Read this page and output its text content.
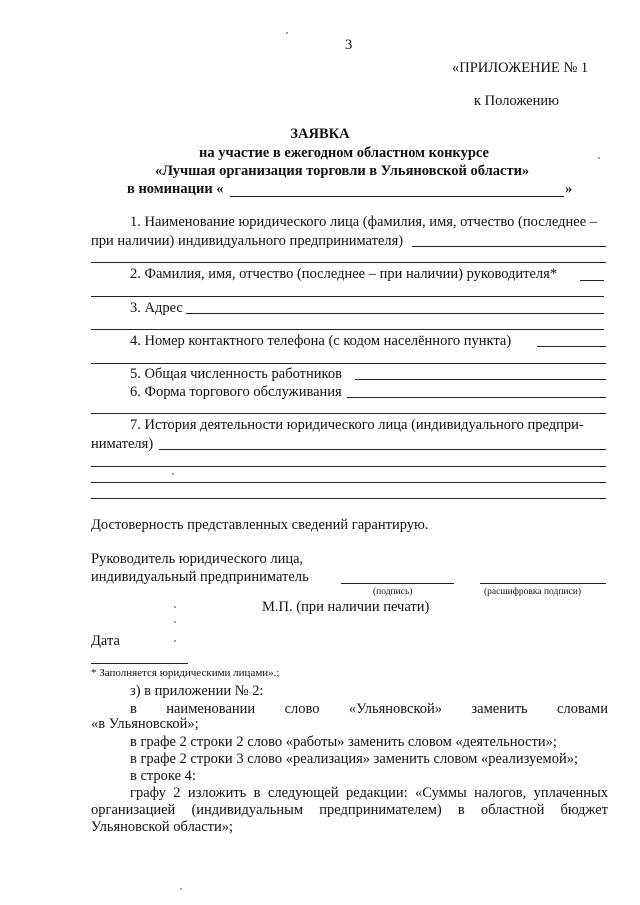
3
«ПРИЛОЖЕНИЕ № 1
к Положению
ЗАЯВКА
на участие в ежегодном областном конкурсе
«Лучшая организация торговли в Ульяновской области»
в номинации «	»
1. Наименование юридического лица (фамилия, имя, отчество (последнее –
при наличии) индивидуального предпринимателя)
2. Фамилия, имя, отчество (последнее – при наличии) руководителя*
3. Адрес
4. Номер контактного телефона (с кодом населённого пункта)
5. Общая численность работников
6. Форма торгового обслуживания
7. История деятельности юридического лица (индивидуального предпри-
нимателя)
Достоверность представленных сведений гарантирую.
Руководитель юридического лица,
индивидуальный предприниматель
(подпись)	(расшифровка подписи)
М.П. (при наличии печати)
Дата
* Заполняется юридическими лицами».;
з) в приложении № 2:
в наименовании слово «Ульяновской» заменить словами
«в Ульяновской»;
в графе 2 строки 2 слово «работы» заменить словом «деятельности»;
в графе 2 строки 3 слово «реализация» заменить словом «реализуемой»;
в строке 4:
графу 2 изложить в следующей редакции: «Суммы налогов, уплаченных
организацией (индивидуальным предпринимателем) в областной бюджет
Ульяновской области»;
